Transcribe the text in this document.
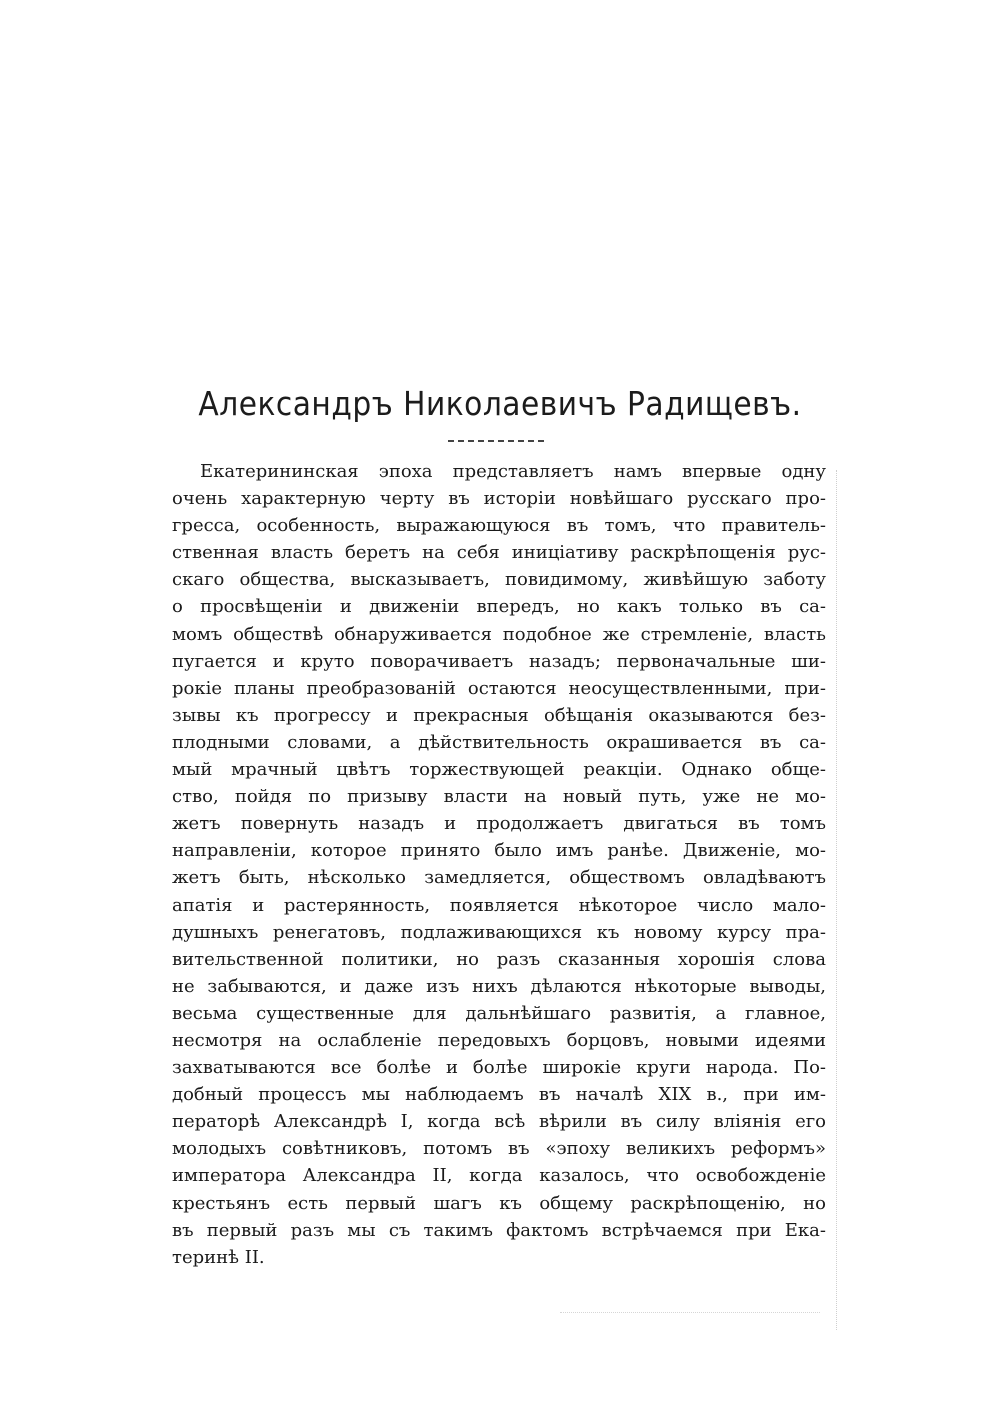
Александръ Николаевичъ Радищевъ.
Екатерининская эпоха представляетъ намъ впервые одну
очень характерную черту въ исторіи новѣйшаго русскаго про-
гресса, особенность, выражающуюся въ томъ, что правитель-
ственная власть беретъ на себя иниціативу раскрѣпощенія рус-
скаго общества, высказываетъ, повидимому, живѣйшую заботу
о просвѣщеніи и движеніи впередъ, но какъ только въ са-
момъ обществѣ обнаруживается подобное же стремленіе, власть
пугается и круто поворачиваетъ назадъ; первоначальные ши-
рокіе планы преобразованій остаются неосуществленными, при-
зывы къ прогрессу и прекрасныя обѣщанія оказываются без-
плодными словами, а дѣйствительность окрашивается въ са-
мый мрачный цвѣтъ торжествующей реакціи. Однако обще-
ство, пойдя по призыву власти на новый путь, уже не мо-
жетъ повернуть назадъ и продолжаетъ двигаться въ томъ
направленіи, которое принято было имъ ранѣе. Движеніе, мо-
жетъ быть, нѣсколько замедляется, обществомъ овладѣваютъ
апатія и растерянность, появляется нѣкоторое число мало-
душныхъ ренегатовъ, подлаживающихся къ новому курсу пра-
вительственной политики, но разъ сказанныя хорошія слова
не забываются, и даже изъ нихъ дѣлаются нѣкоторые выводы,
весьма существенные для дальнѣйшаго развитія, а главное,
несмотря на ослабленіе передовыхъ борцовъ, новыми идеями
захватываются все болѣе и болѣе широкіе круги народа. По-
добный процессъ мы наблюдаемъ въ началѣ XIX в., при им-
ператорѣ Александрѣ I, когда всѣ вѣрили въ силу вліянія его
молодыхъ совѣтниковъ, потомъ въ «эпоху великихъ реформъ»
императора Александра II, когда казалось, что освобожденіе
крестьянъ есть первый шагъ къ общему раскрѣпощенію, но
въ первый разъ мы съ такимъ фактомъ встрѣчаемся при Ека-
теринѣ II.
